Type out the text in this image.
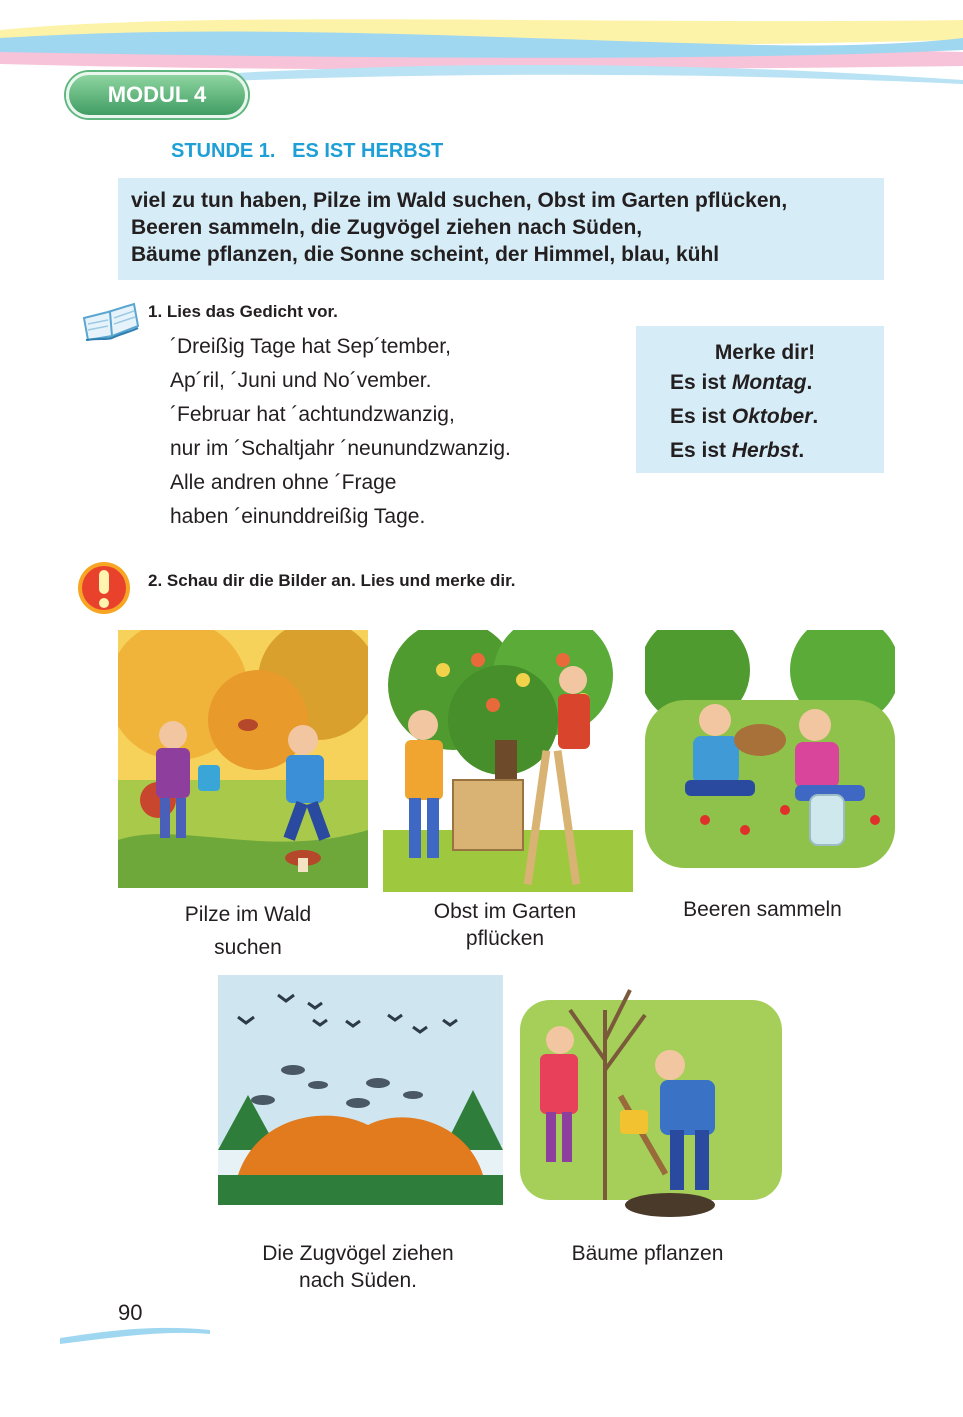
MODUL 4
STUNDE 1.   ES IST HERBST
viel zu tun haben, Pilze im Wald suchen, Obst im Garten pflücken,
Beeren sammeln, die Zugvögel ziehen nach Süden,
Bäume pflanzen, die Sonne scheint, der Himmel, blau, kühl
1. Lies das Gedicht vor.
´Dreißig Tage hat Sep´tember,
Ap´ril, ´Juni und No´vember.
´Februar hat ´achtundzwanzig,
nur im ´Schaltjahr ´neunundzwanzig.
Alle andren ohne ´Frage
haben ´einunddreißig Tage.
Merke dir!
Es ist Montag.
Es ist Oktober.
Es ist Herbst.
2. Schau dir die Bilder an. Lies und merke dir.
Pilze im Wald
suchen
Obst im Garten
pflücken
Beeren sammeln
Die Zugvögel ziehen
nach Süden.
Bäume pflanzen
90
